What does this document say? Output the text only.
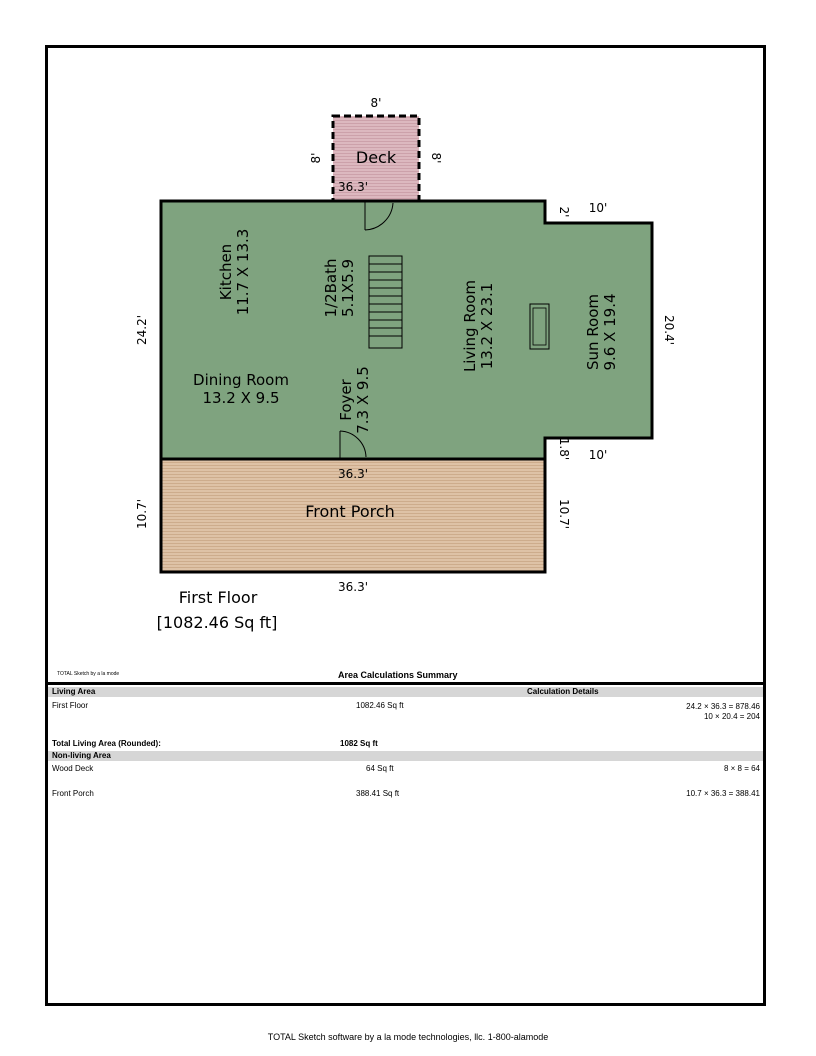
Deck
8'
8'	8'
36.3'
24.2'
2' 10'
20.4'
1.8' 10'
36.3'
Kitchen 11.7 X 13.3	1/2Bath 5.1X5.9	Living Room 13.2 X 23.1	Sun Room 9.6 X 19.4
Foyer 7.3 X 9.5
Dining Room
13.2 X 9.5
Front Porch
10.7'	10.7'
36.3'
First Floor
[1082.46 Sq ft]
TOTAL Sketch by a la mode	Area Calculations Summary
Living Area	Calculation Details
First Floor	1082.46 Sq ft	24.2 × 36.3 = 878.46
10 × 20.4 = 204
Total Living Area (Rounded):	1082 Sq ft
Non-living Area
Wood Deck	64 Sq ft	8 × 8 = 64
Front Porch	388.41 Sq ft	10.7 × 36.3 = 388.41
TOTAL Sketch software by a la mode technologies, llc. 1-800-alamode
